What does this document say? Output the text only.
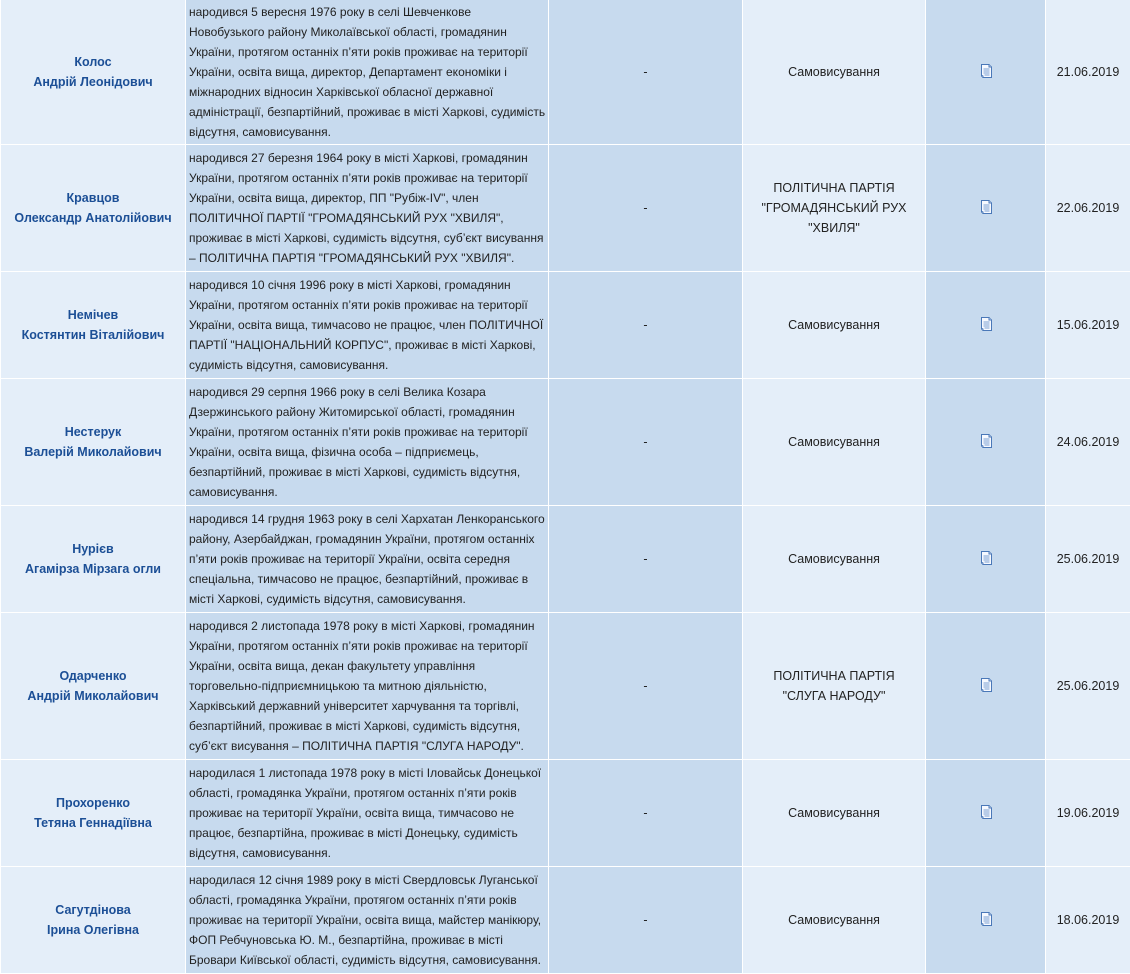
Колос
Андрій Леонідович	народився 5 вересня 1976 року в селі Шевченкове Новобузького району Миколаївської області, громадянин України, протягом останніх п’яти років проживає на території України, освіта вища, директор, Департамент економіки і міжнародних відносин Харківської обласної державної адміністрації, безпартійний, проживає в місті Харкові, судимість відсутня, самовисування.	-	Самовисування		21.06.2019

Кравцов
Олександр Анатолійович	народився 27 березня 1964 року в місті Харкові, громадянин України, протягом останніх п’яти років проживає на території України, освіта вища, директор, ПП "Рубіж-IV", член ПОЛІТИЧНОЇ ПАРТІЇ "ГРОМАДЯНСЬКИЙ РУХ "ХВИЛЯ", проживає в місті Харкові, судимість відсутня, суб’єкт висування – ПОЛІТИЧНА ПАРТІЯ "ГРОМАДЯНСЬКИЙ РУХ "ХВИЛЯ".	-	ПОЛІТИЧНА ПАРТІЯ "ГРОМАДЯНСЬКИЙ РУХ "ХВИЛЯ"		22.06.2019

Немічев
Костянтин Віталійович	народився 10 січня 1996 року в місті Харкові, громадянин України, протягом останніх п’яти років проживає на території України, освіта вища, тимчасово не працює, член ПОЛІТИЧНОЇ ПАРТІЇ "НАЦІОНАЛЬНИЙ КОРПУС", проживає в місті Харкові, судимість відсутня, самовисування.	-	Самовисування		15.06.2019

Нестерук
Валерій Миколайович	народився 29 серпня 1966 року в селі Велика Козара Дзержинського району Житомирської області, громадянин України, протягом останніх п’яти років проживає на території України, освіта вища, фізична особа – підприємець, безпартійний, проживає в місті Харкові, судимість відсутня, самовисування.	-	Самовисування		24.06.2019

Нурієв
Агамірза Мірзага огли	народився 14 грудня 1963 року в селі Хархатан Ленкоранського району, Азербайджан, громадянин України, протягом останніх п’яти років проживає на території України, освіта середня спеціальна, тимчасово не працює, безпартійний, проживає в місті Харкові, судимість відсутня, самовисування.	-	Самовисування		25.06.2019

Одарченко
Андрій Миколайович	народився 2 листопада 1978 року в місті Харкові, громадянин України, протягом останніх п’яти років проживає на території України, освіта вища, декан факультету управління торговельно-підприємницькою та митною діяльністю, Харківський державний університет харчування та торгівлі, безпартійний, проживає в місті Харкові, судимість відсутня, суб’єкт висування – ПОЛІТИЧНА ПАРТІЯ "СЛУГА НАРОДУ".	-	ПОЛІТИЧНА ПАРТІЯ "СЛУГА НАРОДУ"		25.06.2019

Прохоренко
Тетяна Геннадіївна	народилася 1 листопада 1978 року в місті Іловайськ Донецької області, громадянка України, протягом останніх п’яти років проживає на території України, освіта вища, тимчасово не працює, безпартійна, проживає в місті Донецьку, судимість відсутня, самовисування.	-	Самовисування		19.06.2019

Сагутдінова
Ірина Олегівна	народилася 12 січня 1989 року в місті Свердловськ Луганської області, громадянка України, протягом останніх п’яти років проживає на території України, освіта вища, майстер манікюру, ФОП Ребчуновська Ю. М., безпартійна, проживає в місті Бровари Київської області, судимість відсутня, самовисування.	-	Самовисування		18.06.2019
